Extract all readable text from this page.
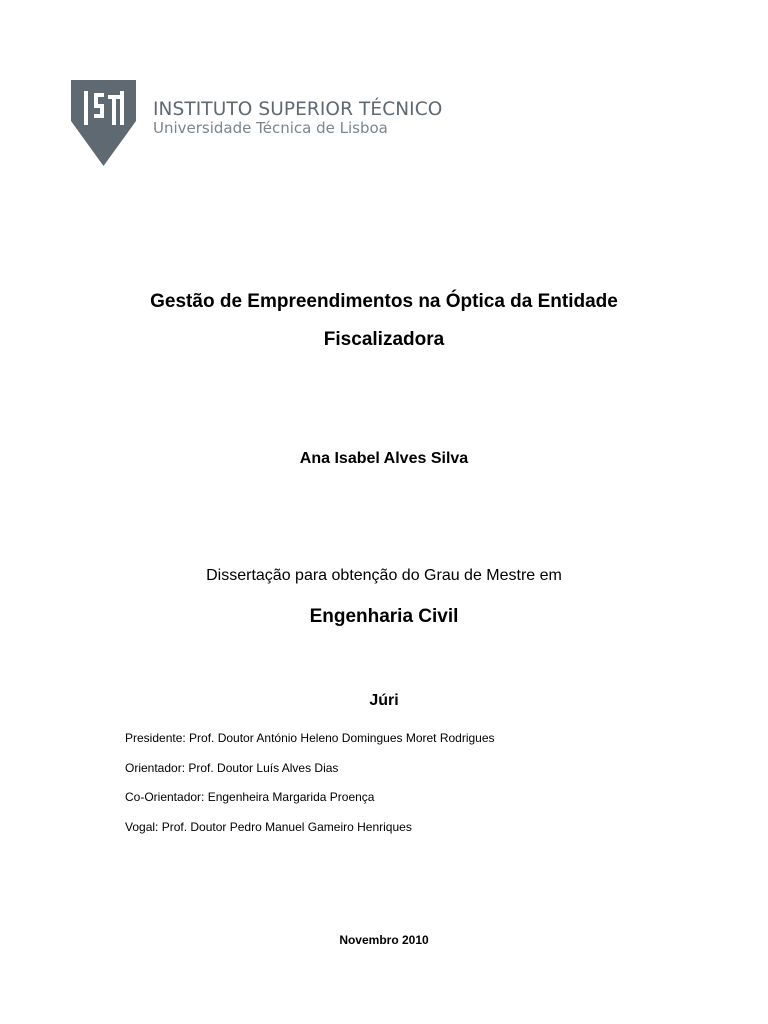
INSTITUTO SUPERIOR TÉCNICO
Universidade Técnica de Lisboa
Gestão de Empreendimentos na Óptica da Entidade
Fiscalizadora
Ana Isabel Alves Silva
Dissertação para obtenção do Grau de Mestre em
Engenharia Civil
Júri
Presidente: Prof. Doutor António Heleno Domingues Moret Rodrigues
Orientador: Prof. Doutor Luís Alves Dias
Co-Orientador: Engenheira Margarida Proença
Vogal: Prof. Doutor Pedro Manuel Gameiro Henriques
Novembro 2010
